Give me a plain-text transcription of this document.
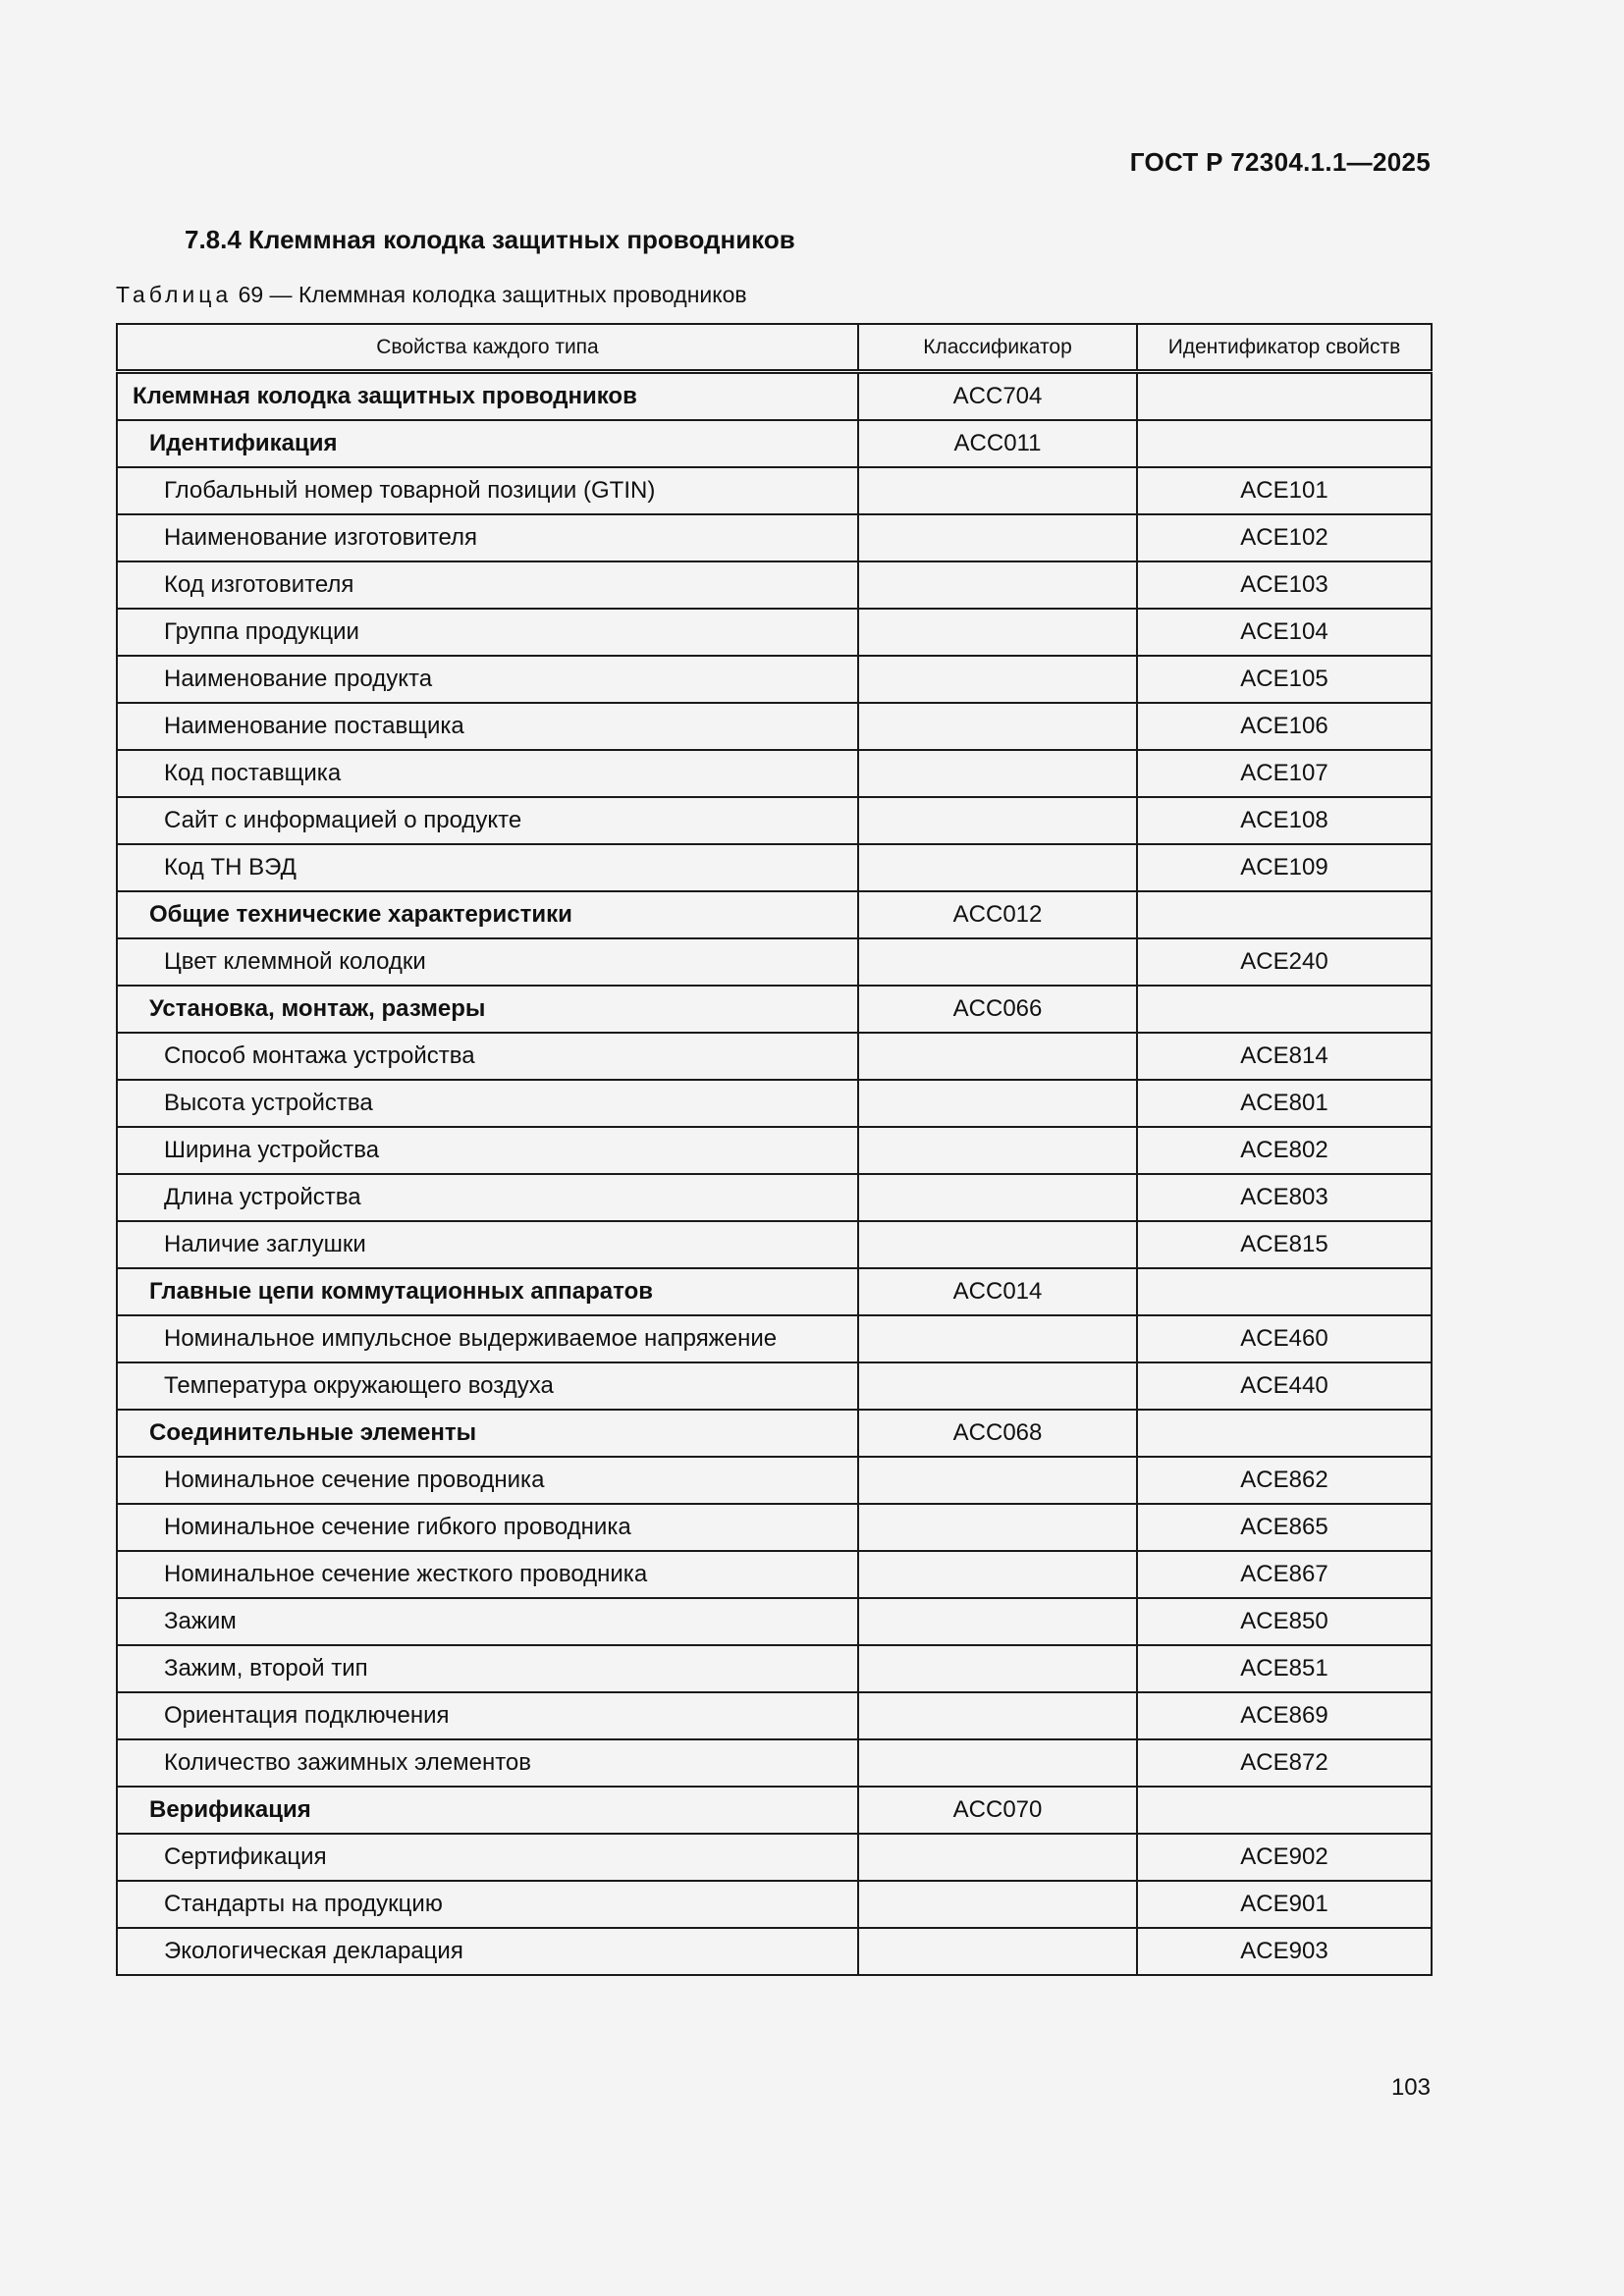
ГОСТ Р 72304.1.1—2025
7.8.4 Клеммная колодка защитных проводников
Таблица 69 — Клеммная колодка защитных проводников
Свойства каждого типа	Классификатор	Идентификатор свойств
Клеммная колодка защитных проводников	ACC704	
Идентификация	ACC011	
Глобальный номер товарной позиции (GTIN)		ACE101
Наименование изготовителя		ACE102
Код изготовителя		ACE103
Группа продукции		ACE104
Наименование продукта		ACE105
Наименование поставщика		ACE106
Код поставщика		ACE107
Сайт с информацией о продукте		ACE108
Код ТН ВЭД		ACE109
Общие технические характеристики	ACC012	
Цвет клеммной колодки		ACE240
Установка, монтаж, размеры	ACC066	
Способ монтажа устройства		ACE814
Высота устройства		ACE801
Ширина устройства		ACE802
Длина устройства		ACE803
Наличие заглушки		ACE815
Главные цепи коммутационных аппаратов	ACC014	
Номинальное импульсное выдерживаемое напряжение		ACE460
Температура окружающего воздуха		ACE440
Соединительные элементы	ACC068	
Номинальное сечение проводника		ACE862
Номинальное сечение гибкого проводника		ACE865
Номинальное сечение жесткого проводника		ACE867
Зажим		ACE850
Зажим, второй тип		ACE851
Ориентация подключения		ACE869
Количество зажимных элементов		ACE872
Верификация	ACC070	
Сертификация		ACE902
Стандарты на продукцию		ACE901
Экологическая декларация		ACE903
103
